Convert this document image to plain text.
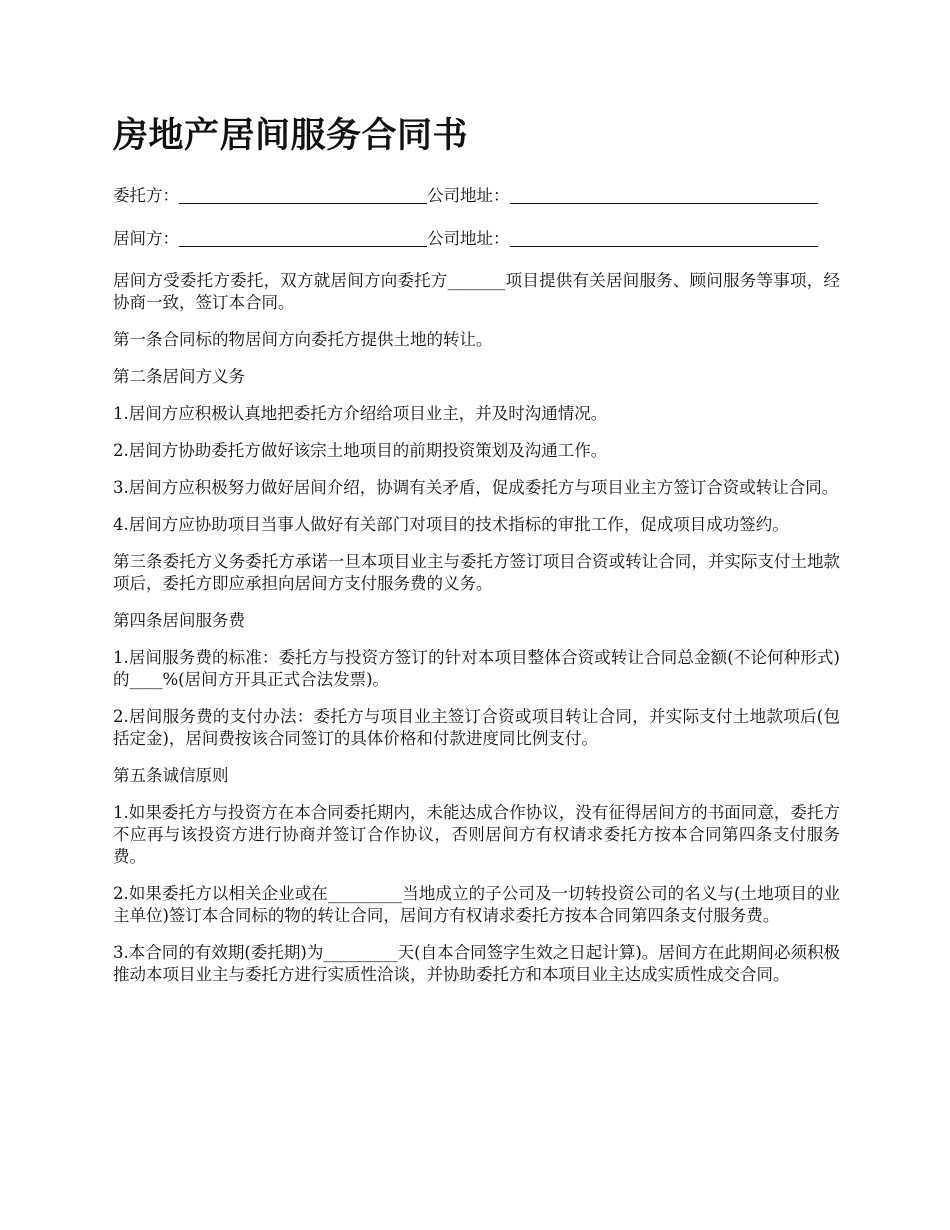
房地产居间服务合同书
委托方：	公司地址：
居间方：	公司地址：

居间方受委托方委托，双方就居间方向委托方_______项目提供有关居间服务、顾问服务等事项，经协商一致，签订本合同。

第一条合同标的物居间方向委托方提供土地的转让。

第二条居间方义务

1.居间方应积极认真地把委托方介绍给项目业主，并及时沟通情况。

2.居间方协助委托方做好该宗土地项目的前期投资策划及沟通工作。

3.居间方应积极努力做好居间介绍，协调有关矛盾，促成委托方与项目业主方签订合资或转让合同。

4.居间方应协助项目当事人做好有关部门对项目的技术指标的审批工作，促成项目成功签约。

第三条委托方义务委托方承诺一旦本项目业主与委托方签订项目合资或转让合同，并实际支付土地款项后，委托方即应承担向居间方支付服务费的义务。

第四条居间服务费

1.居间服务费的标准：委托方与投资方签订的针对本项目整体合资或转让合同总金额(不论何种形式)的____%(居间方开具正式合法发票)。

2.居间服务费的支付办法：委托方与项目业主签订合资或项目转让合同，并实际支付土地款项后(包括定金)，居间费按该合同签订的具体价格和付款进度同比例支付。

第五条诚信原则

1.如果委托方与投资方在本合同委托期内，未能达成合作协议，没有征得居间方的书面同意，委托方不应再与该投资方进行协商并签订合作协议，否则居间方有权请求委托方按本合同第四条支付服务费。

2.如果委托方以相关企业或在_________当地成立的子公司及一切转投资公司的名义与(土地项目的业主单位)签订本合同标的物的转让合同，居间方有权请求委托方按本合同第四条支付服务费。

3.本合同的有效期(委托期)为_________天(自本合同签字生效之日起计算)。居间方在此期间必须积极推动本项目业主与委托方进行实质性洽谈，并协助委托方和本项目业主达成实质性成交合同。
